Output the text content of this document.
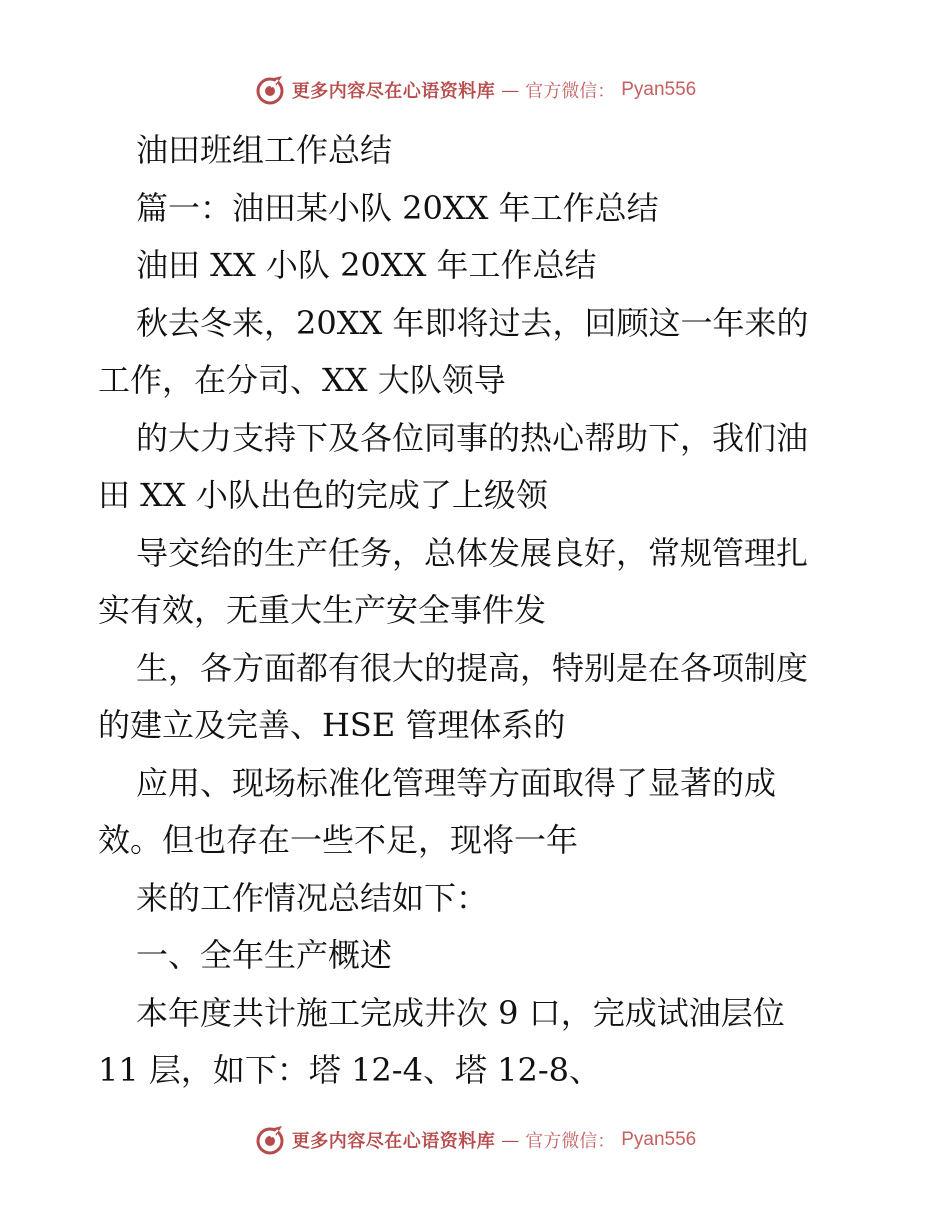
更多内容尽在心语资料库 — 官方微信： Pyan556
油田班组工作总结
篇一：油田某小队 20XX 年工作总结
油田 XX 小队 20XX 年工作总结
秋去冬来，20XX 年即将过去，回顾这一年来的
工作，在分司、XX 大队领导
的大力支持下及各位同事的热心帮助下，我们油
田 XX 小队出色的完成了上级领
导交给的生产任务，总体发展良好，常规管理扎
实有效，无重大生产安全事件发
生，各方面都有很大的提高，特别是在各项制度
的建立及完善、HSE 管理体系的
应用、现场标准化管理等方面取得了显著的成
效。但也存在一些不足，现将一年
来的工作情况总结如下：
一、全年生产概述
本年度共计施工完成井次 9 口，完成试油层位
11 层，如下：塔 12-4、塔 12-8、
更多内容尽在心语资料库 — 官方微信： Pyan556
